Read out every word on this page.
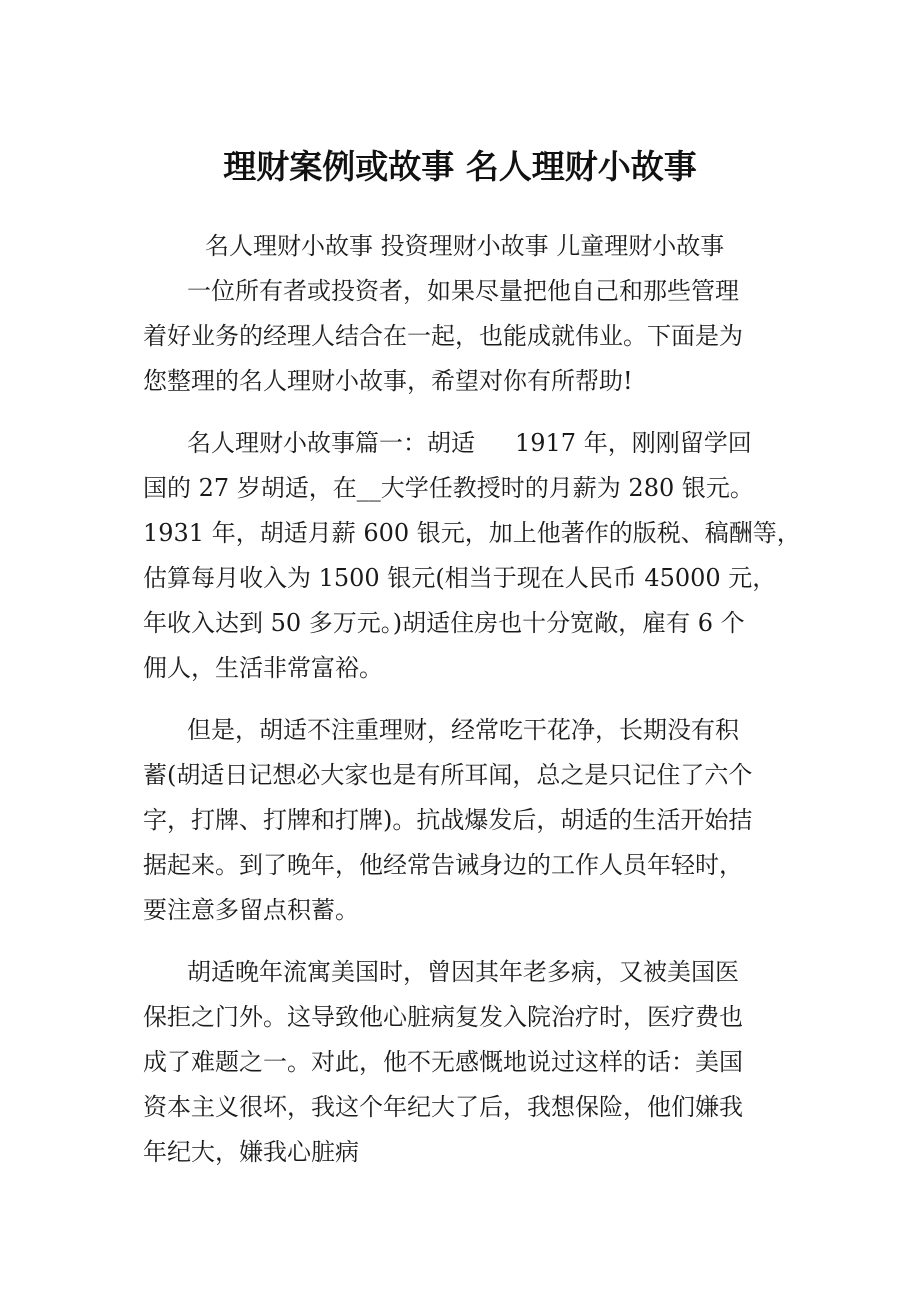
理财案例或故事 名人理财小故事
名人理财小故事 投资理财小故事 儿童理财小故事
一位所有者或投资者，如果尽量把他自己和那些管理
着好业务的经理人结合在一起，也能成就伟业。下面是为
您整理的名人理财小故事，希望对你有所帮助!
名人理财小故事篇一：胡适 1917 年，刚刚留学回
国的 27 岁胡适，在__大学任教授时的月薪为 280 银元。
1931 年，胡适月薪 600 银元，加上他著作的版税、稿酬等，
估算每月收入为 1500 银元(相当于现在人民币 45000 元，
年收入达到 50 多万元。)胡适住房也十分宽敞，雇有 6 个
佣人，生活非常富裕。
但是，胡适不注重理财，经常吃干花净，长期没有积
蓄(胡适日记想必大家也是有所耳闻，总之是只记住了六个
字，打牌、打牌和打牌)。抗战爆发后，胡适的生活开始拮
据起来。到了晚年，他经常告诫身边的工作人员年轻时，
要注意多留点积蓄。
胡适晚年流寓美国时，曾因其年老多病，又被美国医
保拒之门外。这导致他心脏病复发入院治疗时，医疗费也
成了难题之一。对此，他不无感慨地说过这样的话：美国
资本主义很坏，我这个年纪大了后，我想保险，他们嫌我
年纪大，嫌我心脏病
